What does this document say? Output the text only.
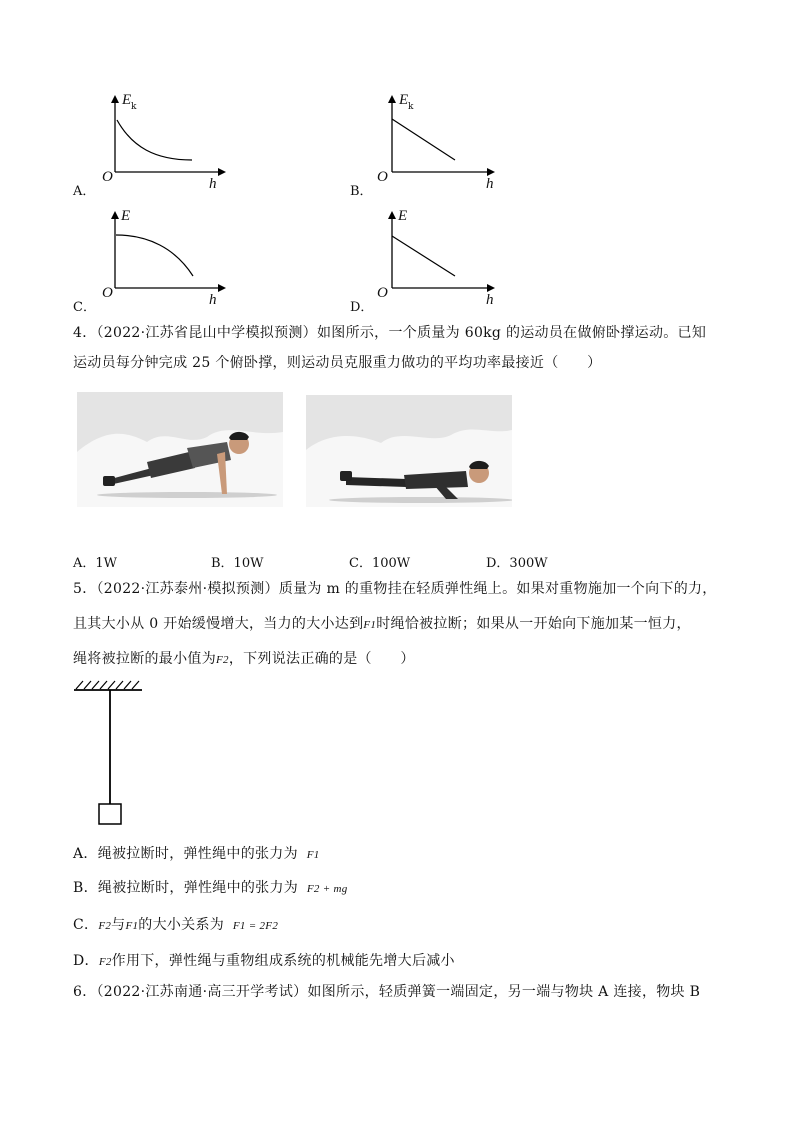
E k
O	h
A．
E k
O	h
B．
E
O	h
C．
E
O	h
D．
4．（2022·江苏省昆山中学模拟预测）如图所示，一个质量为 60kg 的运动员在做俯卧撑运动。已知
运动员每分钟完成 25 个俯卧撑，则运动员克服重力做功的平均功率最接近（　　）
A．1W	B．10W	C．100W	D．300W
5．（2022·江苏泰州·模拟预测）质量为 m 的重物挂在轻质弹性绳上。如果对重物施加一个向下的力，
且其大小从 0 开始缓慢增大，当力的大小达到F1时绳恰被拉断；如果从一开始向下施加某一恒力，
绳将被拉断的最小值为F2，下列说法正确的是（　　）
A．绳被拉断时，弹性绳中的张力为 F1
B．绳被拉断时，弹性绳中的张力为 F2 + mg
C．F2与F1的大小关系为 F1 = 2F2
D．F2作用下，弹性绳与重物组成系统的机械能先增大后减小
6．（2022·江苏南通·高三开学考试）如图所示，轻质弹簧一端固定，另一端与物块 A 连接，物块 B
